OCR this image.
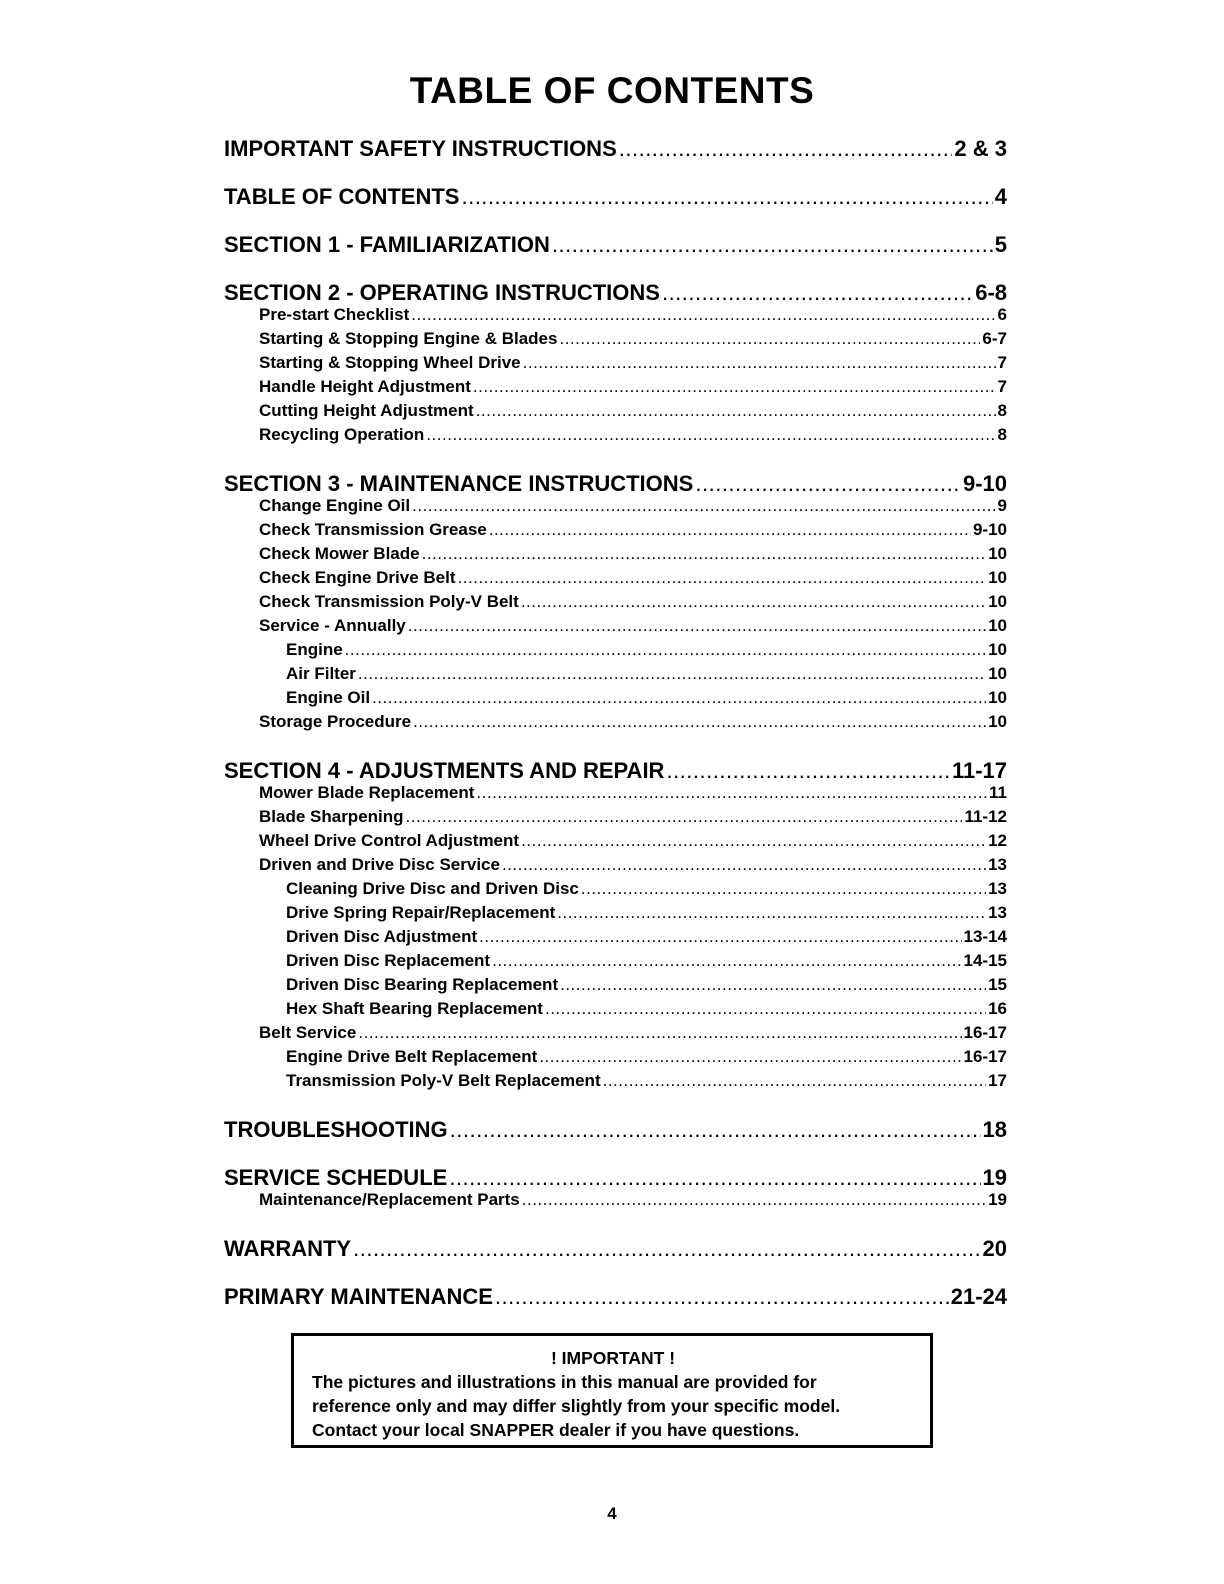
TABLE OF CONTENTS
IMPORTANT SAFETY INSTRUCTIONS .....	2 & 3
TABLE OF CONTENTS .....	4
SECTION 1 - FAMILIARIZATION .....	5
SECTION 2 - OPERATING INSTRUCTIONS .....	6-8
Pre-start Checklist .....	6
Starting & Stopping Engine & Blades .....	6-7
Starting & Stopping Wheel Drive .....	7
Handle Height Adjustment .....	7
Cutting Height Adjustment .....	8
Recycling Operation .....	8
SECTION 3 - MAINTENANCE INSTRUCTIONS .....	9-10
Change Engine Oil .....	9
Check Transmission Grease .....	9-10
Check Mower Blade .....	10
Check Engine Drive Belt .....	10
Check Transmission Poly-V Belt .....	10
Service - Annually .....	10
Engine .....	10
Air Filter .....	10
Engine Oil .....	10
Storage Procedure .....	10
SECTION 4 - ADJUSTMENTS AND REPAIR .....	11-17
Mower Blade Replacement .....	11
Blade Sharpening .....	11-12
Wheel Drive Control Adjustment .....	12
Driven and Drive Disc Service .....	13
Cleaning Drive Disc and Driven Disc .....	13
Drive Spring Repair/Replacement .....	13
Driven Disc Adjustment .....	13-14
Driven Disc Replacement .....	14-15
Driven Disc Bearing Replacement .....	15
Hex Shaft Bearing Replacement .....	16
Belt Service .....	16-17
Engine Drive Belt Replacement .....	16-17
Transmission Poly-V Belt Replacement .....	17
TROUBLESHOOTING .....	18
SERVICE SCHEDULE .....	19
Maintenance/Replacement Parts .....	19
WARRANTY .....	20
PRIMARY MAINTENANCE .....	21-24
! IMPORTANT !
The pictures and illustrations in this manual are provided for
reference only and may differ slightly from your specific model.
Contact your local SNAPPER dealer if you have questions.
4
